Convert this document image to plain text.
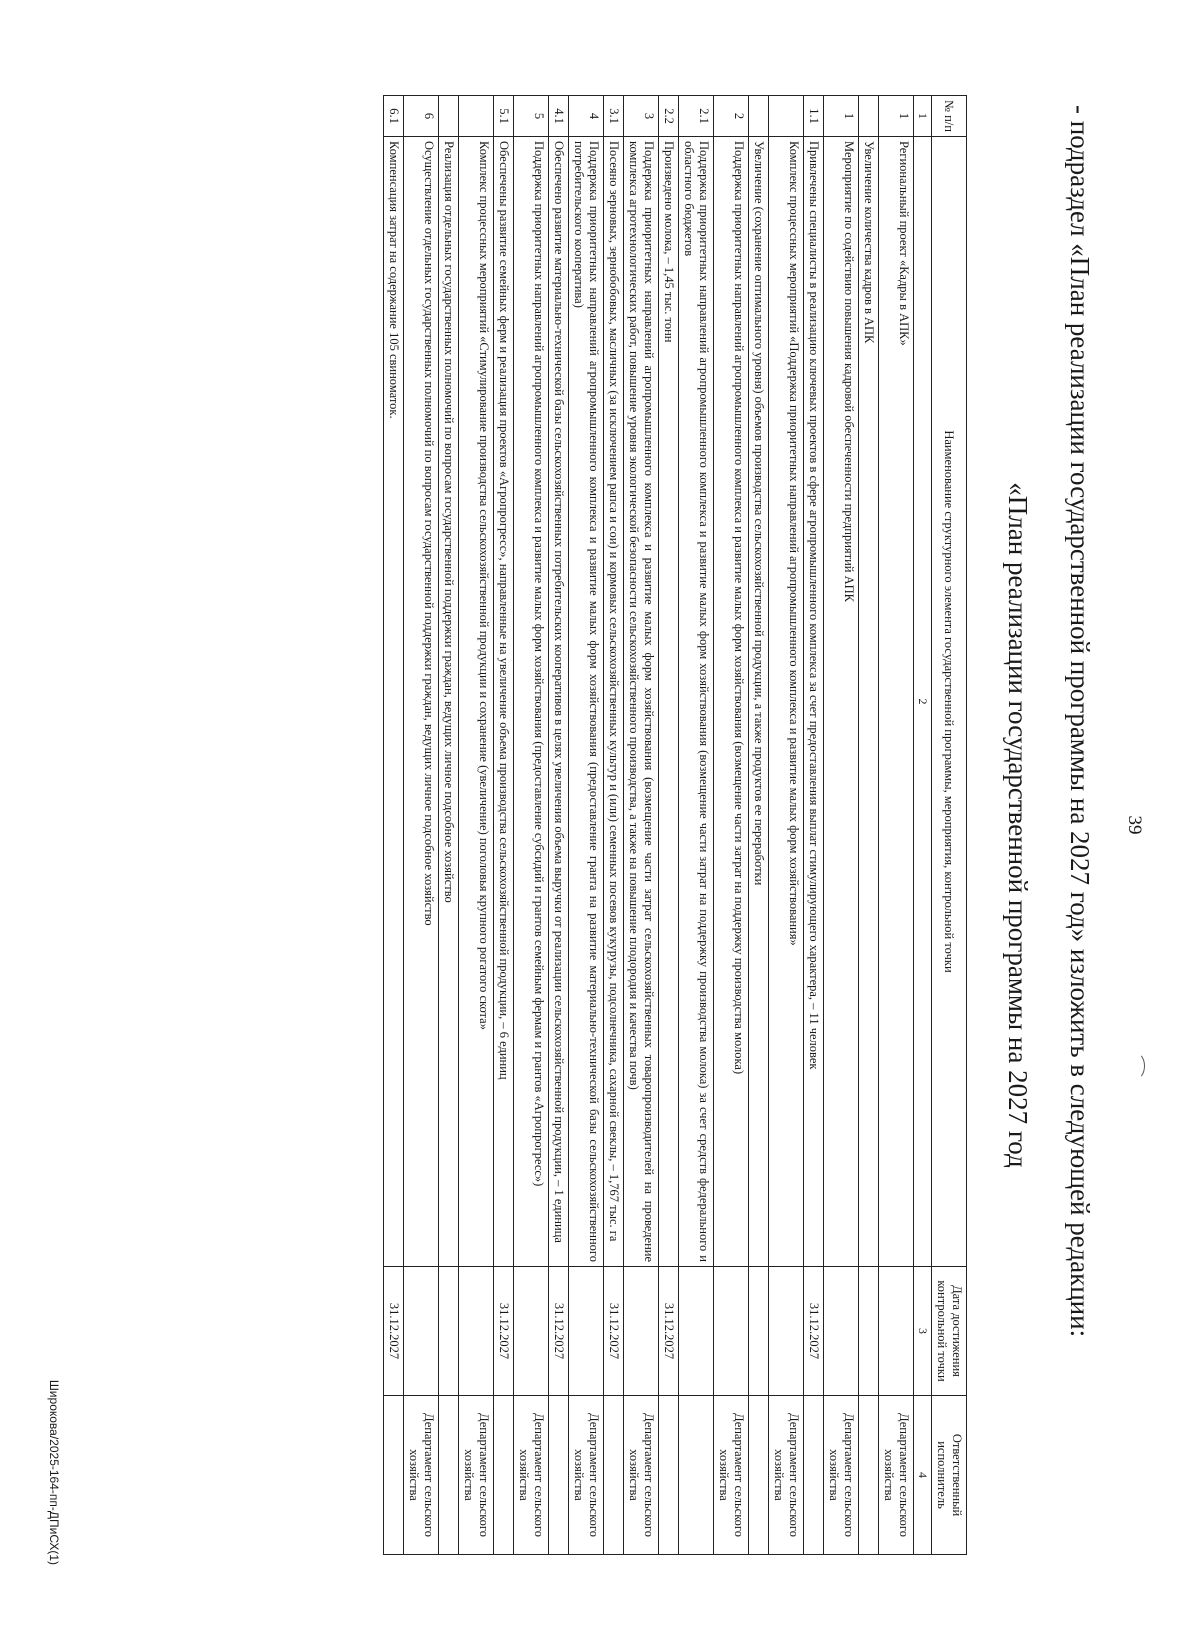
39
- подраздел «План реализации государственной программы на 2027 год» изложить в следующей редакции:
«План реализации государственной программы на 2027 год
№ п/п	Наименование структурного элемента государственной программы, мероприятия, контрольной точки	Дата достижения контрольной точки	Ответственный исполнитель
1	2	3	4
1	Региональный проект «Кадры в АПК»		Департамент сельского хозяйства
	Увеличение количества кадров в АПК		
1	Мероприятие по содействию повышения кадровой обеспеченности предприятий АПК		Департамент сельского хозяйства
1.1	Привлечены специалисты в реализацию ключевых проектов в сфере агропромышленного комплекса за счет предоставления выплат стимулирующего характера, – 11 человек	31.12.2027	
	Комплекс процессных мероприятий «Поддержка приоритетных направлений агропромышленного комплекса и развитие малых форм хозяйствования»		Департамент сельского хозяйства
	Увеличение (сохранение оптимального уровня) объемов производства сельскохозяйственной продукции, а также продуктов ее переработки		
2	Поддержка приоритетных направлений агропромышленного комплекса и развитие малых форм хозяйствования (возмещение части затрат на поддержку производства молока)		Департамент сельского хозяйства
2.1	Поддержка приоритетных направлений агропромышленного комплекса и развитие малых форм хозяйствования (возмещение части затрат на поддержку производства молока) за счет средств федерального и областного бюджетов		
2.2	Произведено молока, – 1,45 тыс. тонн	31.12.2027	
3	Поддержка приоритетных направлений агропромышленного комплекса и развитие малых форм хозяйствования (возмещение части затрат сельскохозяйственных товаропроизводителей на проведение комплекса агротехнологических работ, повышение уровня экологической безопасности сельскохозяйственного производства, а также на повышение плодородия и качества почв)		Департамент сельского хозяйства
3.1	Посеяно зерновых, зернобобовых, масличных (за исключением рапса и сои) и кормовых сельскохозяйственных культур и (или) семенных посевов кукурузы, подсолнечника, сахарной свеклы, – 1,767 тыс. га	31.12.2027	
4	Поддержка приоритетных направлений агропромышленного комплекса и развитие малых форм хозяйствования (предоставление гранта на развитие материально-технической базы сельскохозяйственного потребительского кооператива)		Департамент сельского хозяйства
4.1	Обеспечено развитие материально-технической базы сельскохозяйственных потребительских кооперативов в целях увеличения объема выручки от реализации сельскохозяйственной продукции, – 1 единица	31.12.2027	
5	Поддержка приоритетных направлений агропромышленного комплекса и развитие малых форм хозяйствования (предоставление субсидий и грантов семейным фермам и грантов «Агропрогресс»)		Департамент сельского хозяйства
5.1	Обеспечены развитие семейных ферм и реализация проектов «Агропрогресс», направленные на увеличение объема производства сельскохозяйственной продукции, – 6 единиц	31.12.2027	
	Комплекс процессных мероприятий «Стимулирование производства сельскохозяйственной продукции и сохранение (увеличение) поголовья крупного рогатого скота»		Департамент сельского хозяйства
	Реализация отдельных государственных полномочий по вопросам государственной поддержки граждан, ведущих личное подсобное хозяйство		
6	Осуществление отдельных государственных полномочий по вопросам государственной поддержки граждан, ведущих личное подсобное хозяйство		Департамент сельского хозяйства
6.1	Компенсация затрат на содержание 105 свиноматок.	31.12.2027	
Широкова/2025-164-пп-ДПиСХ(1)
